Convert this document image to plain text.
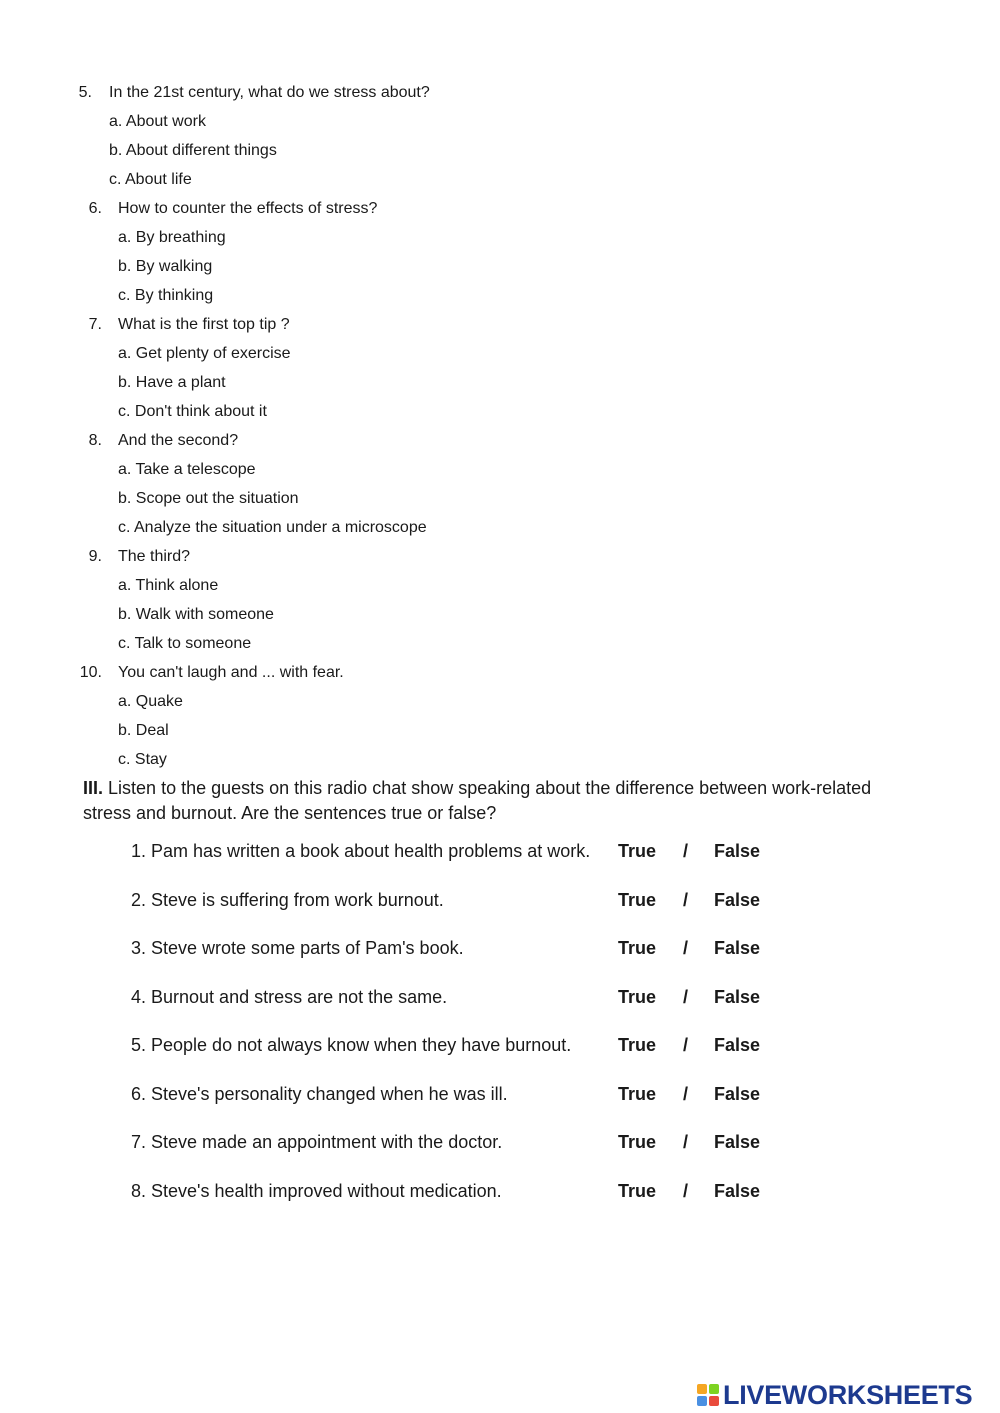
5. In the 21st century, what do we stress about?
a. About work
b. About different things
c. About life
6. How to counter the effects of stress?
a. By breathing
b. By walking
c. By thinking
7. What is the first top tip ?
a. Get plenty of exercise
b. Have a plant
c. Don't think about it
8. And the second?
a. Take a telescope
b. Scope out the situation
c. Analyze the situation under a microscope
9. The third?
a. Think alone
b. Walk with someone
c. Talk to someone
10. You can't laugh and ... with fear.
a. Quake
b. Deal
c. Stay
III. Listen to the guests on this radio chat show speaking about the difference between work-related stress and burnout. Are the sentences true or false?
1. Pam has written a book about health problems at work. True / False
2. Steve is suffering from work burnout.	True / False
3. Steve wrote some parts of Pam's book.	True / False
4. Burnout and stress are not the same.	True / False
5. People do not always know when they have burnout.	True / False
6. Steve's personality changed when he was ill.	True / False
7. Steve made an appointment with the doctor.	True / False
8. Steve's health improved without medication.	True / False
LIVEWORKSHEETS
